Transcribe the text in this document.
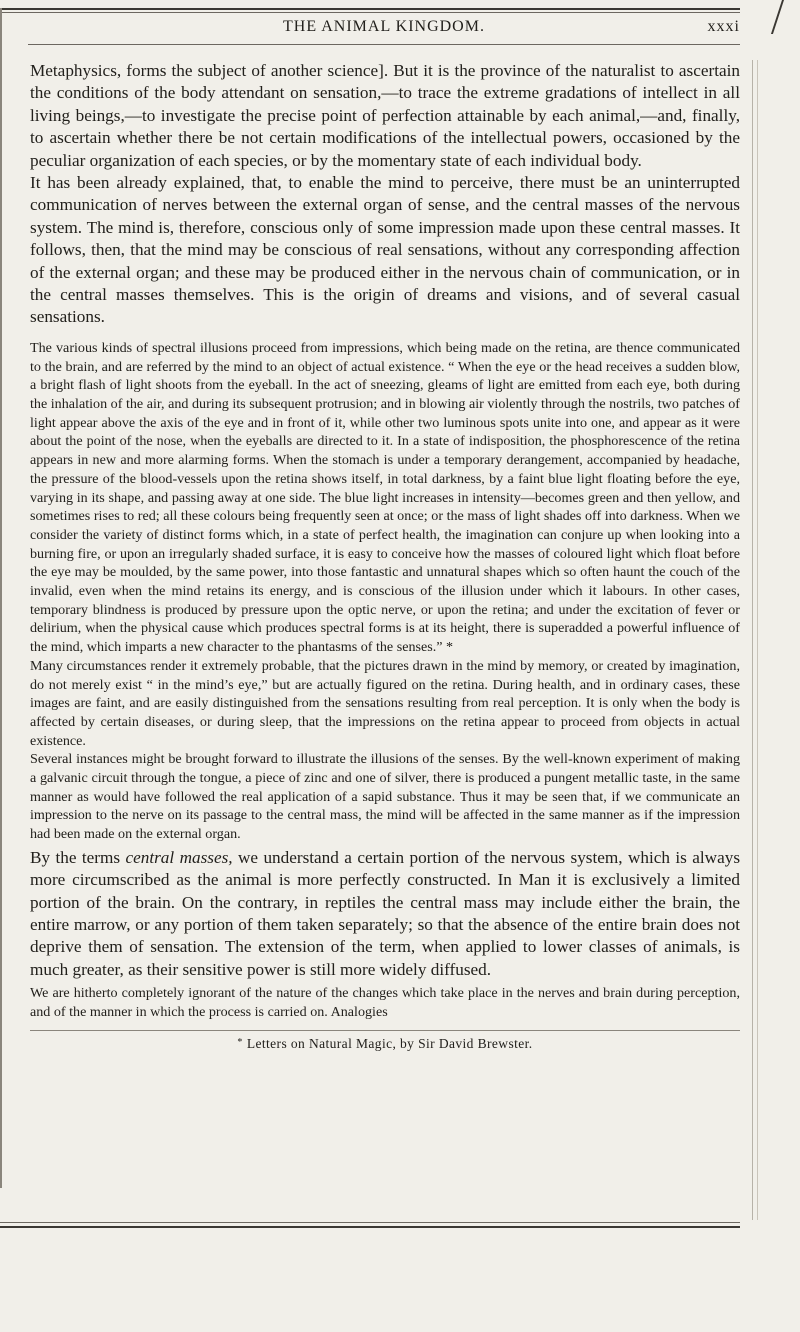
THE ANIMAL KINGDOM.	xxxi

Metaphysics, forms the subject of another science]. But it is the province of the naturalist to ascertain the conditions of the body attendant on sensation,—to trace the extreme gradations of intellect in all living beings,—to investigate the precise point of perfection attainable by each animal,—and, finally, to ascertain whether there be not certain modifications of the intellectual powers, occasioned by the peculiar organization of each species, or by the momentary state of each individual body.

It has been already explained, that, to enable the mind to perceive, there must be an uninterrupted communication of nerves between the external organ of sense, and the central masses of the nervous system. The mind is, therefore, conscious only of some impression made upon these central masses. It follows, then, that the mind may be conscious of real sensations, without any corresponding affection of the external organ; and these may be produced either in the nervous chain of communication, or in the central masses themselves. This is the origin of dreams and visions, and of several casual sensations.

The various kinds of spectral illusions proceed from impressions, which being made on the retina, are thence communicated to the brain, and are referred by the mind to an object of actual existence. “ When the eye or the head receives a sudden blow, a bright flash of light shoots from the eyeball. In the act of sneezing, gleams of light are emitted from each eye, both during the inhalation of the air, and during its subsequent protrusion; and in blowing air violently through the nostrils, two patches of light appear above the axis of the eye and in front of it, while other two luminous spots unite into one, and appear as it were about the point of the nose, when the eyeballs are directed to it. In a state of indisposition, the phosphorescence of the retina appears in new and more alarming forms. When the stomach is under a temporary derangement, accompanied by headache, the pressure of the blood-vessels upon the retina shows itself, in total darkness, by a faint blue light floating before the eye, varying in its shape, and passing away at one side. The blue light increases in intensity—becomes green and then yellow, and sometimes rises to red; all these colours being frequently seen at once; or the mass of light shades off into darkness. When we consider the variety of distinct forms which, in a state of perfect health, the imagination can conjure up when looking into a burning fire, or upon an irregularly shaded surface, it is easy to conceive how the masses of coloured light which float before the eye may be moulded, by the same power, into those fantastic and unnatural shapes which so often haunt the couch of the invalid, even when the mind retains its energy, and is conscious of the illusion under which it labours. In other cases, temporary blindness is produced by pressure upon the optic nerve, or upon the retina; and under the excitation of fever or delirium, when the physical cause which produces spectral forms is at its height, there is superadded a powerful influence of the mind, which imparts a new character to the phantasms of the senses.” *

Many circumstances render it extremely probable, that the pictures drawn in the mind by memory, or created by imagination, do not merely exist “ in the mind’s eye,” but are actually figured on the retina. During health, and in ordinary cases, these images are faint, and are easily distinguished from the sensations resulting from real perception. It is only when the body is affected by certain diseases, or during sleep, that the impressions on the retina appear to proceed from objects in actual existence.

Several instances might be brought forward to illustrate the illusions of the senses. By the well-known experiment of making a galvanic circuit through the tongue, a piece of zinc and one of silver, there is produced a pungent metallic taste, in the same manner as would have followed the real application of a sapid substance. Thus it may be seen that, if we communicate an impression to the nerve on its passage to the central mass, the mind will be affected in the same manner as if the impression had been made on the external organ.

By the terms central masses, we understand a certain portion of the nervous system, which is always more circumscribed as the animal is more perfectly constructed. In Man it is exclusively a limited portion of the brain. On the contrary, in reptiles the central mass may include either the brain, the entire marrow, or any portion of them taken separately; so that the absence of the entire brain does not deprive them of sensation. The extension of the term, when applied to lower classes of animals, is much greater, as their sensitive power is still more widely diffused.

We are hitherto completely ignorant of the nature of the changes which take place in the nerves and brain during perception, and of the manner in which the process is carried on. Analogies

* Letters on Natural Magic, by Sir David Brewster.
